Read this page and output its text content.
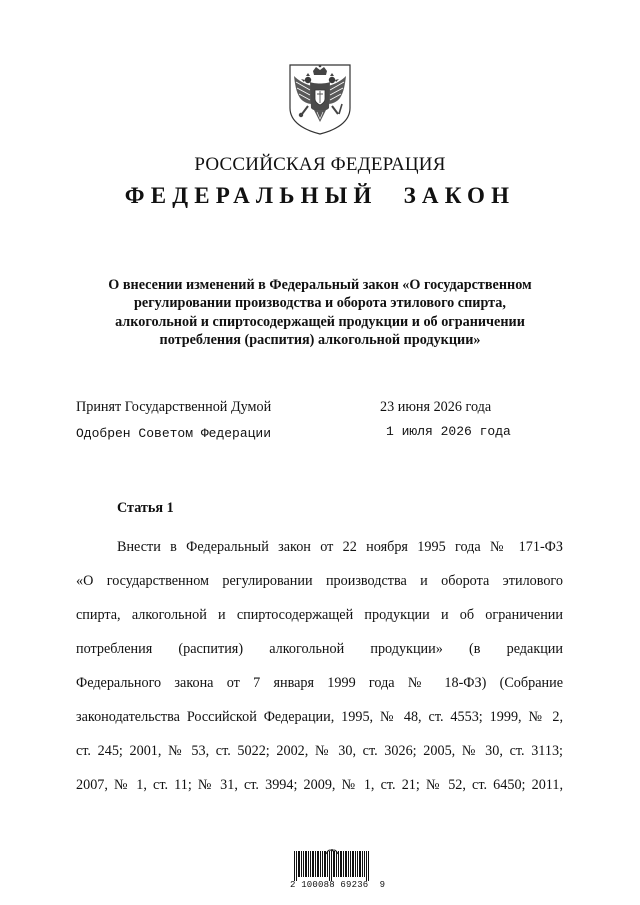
РОССИЙСКАЯ ФЕДЕРАЦИЯ
ФЕДЕРАЛЬНЫЙ ЗАКОН
О внесении изменений в Федеральный закон «О государственном
регулировании производства и оборота этилового спирта,
алкогольной и спиртосодержащей продукции и об ограничении
потребления (распития) алкогольной продукции»
Принят Государственной Думой	23 июня 2026 года
Одобрен Советом Федерации	1 июля 2026 года
Статья 1
Внести в Федеральный закон от 22 ноября 1995 года № 171-ФЗ
«О государственном регулировании производства и оборота этилового
спирта, алкогольной и спиртосодержащей продукции и об ограничении
потребления (распития) алкогольной продукции» (в редакции
Федерального закона от 7 января 1999 года № 18-ФЗ) (Собрание
законодательства Российской Федерации, 1995, № 48, ст. 4553; 1999, № 2,
ст. 245; 2001, № 53, ст. 5022; 2002, № 30, ст. 3026; 2005, № 30, ст. 3113;
2007, № 1, ст. 11; № 31, ст. 3994; 2009, № 1, ст. 21; № 52, ст. 6450; 2011,
2 100088 69236  9
